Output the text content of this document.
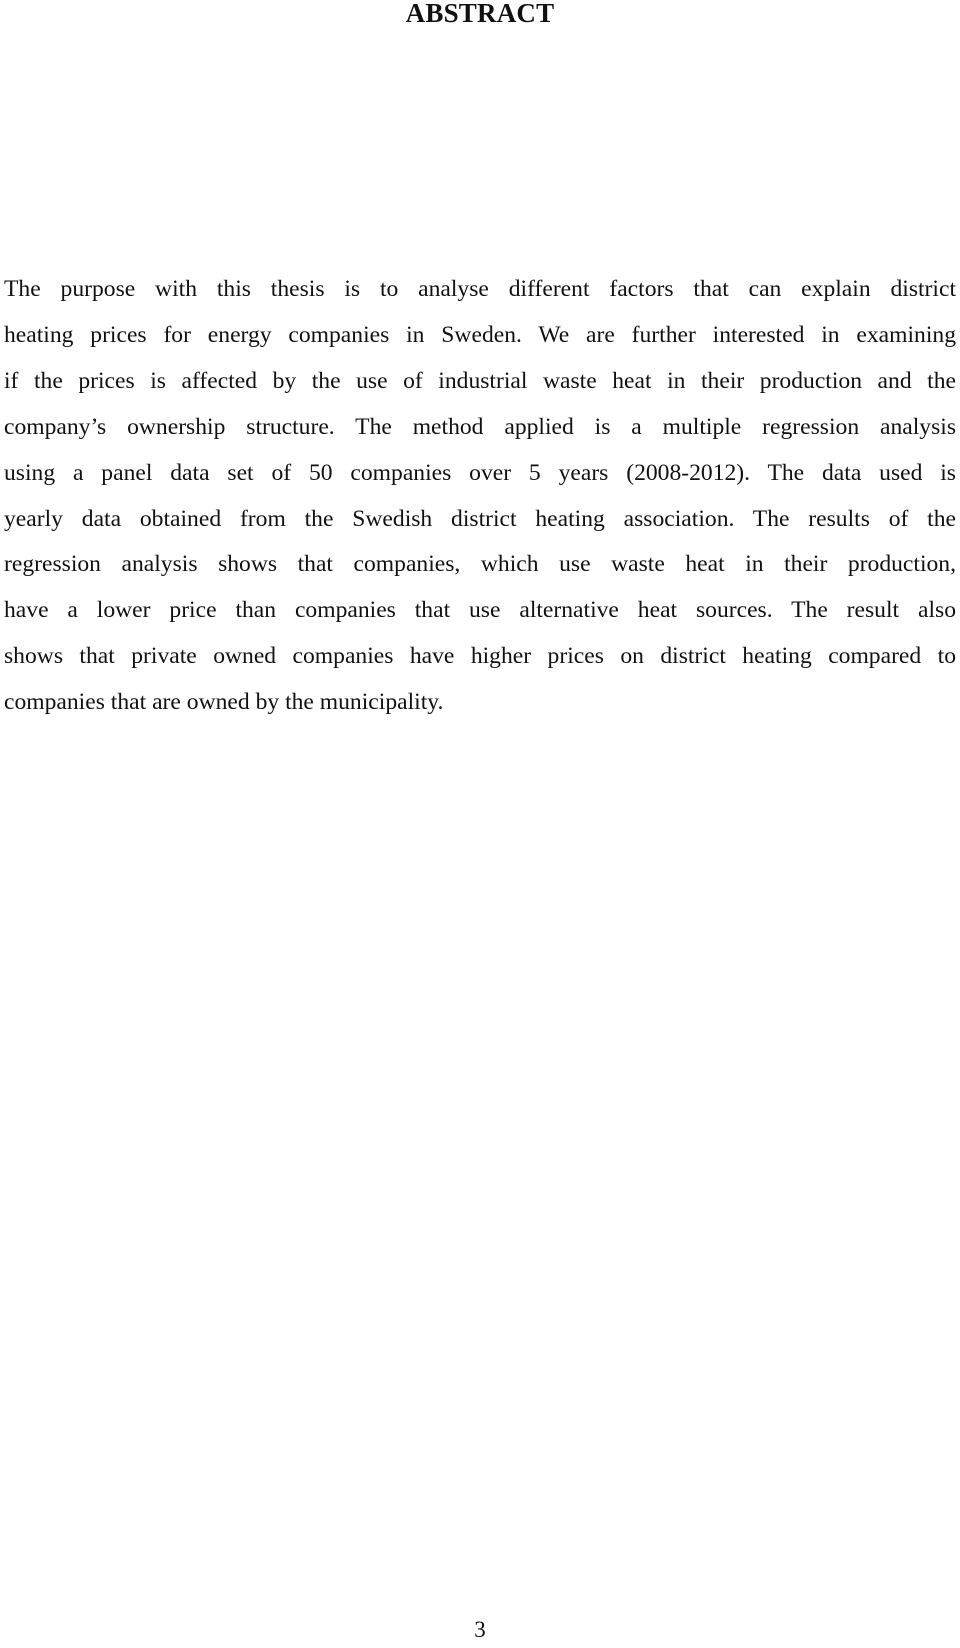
ABSTRACT
The purpose with this thesis is to analyse different factors that can explain district
heating prices for energy companies in Sweden. We are further interested in examining
if the prices is affected by the use of industrial waste heat in their production and the
company’s ownership structure. The method applied is a multiple regression analysis
using a panel data set of 50 companies over 5 years (2008-2012). The data used is
yearly data obtained from the Swedish district heating association. The results of the
regression analysis shows that companies, which use waste heat in their production,
have a lower price than companies that use alternative heat sources. The result also
shows that private owned companies have higher prices on district heating compared to
companies that are owned by the municipality.
3
